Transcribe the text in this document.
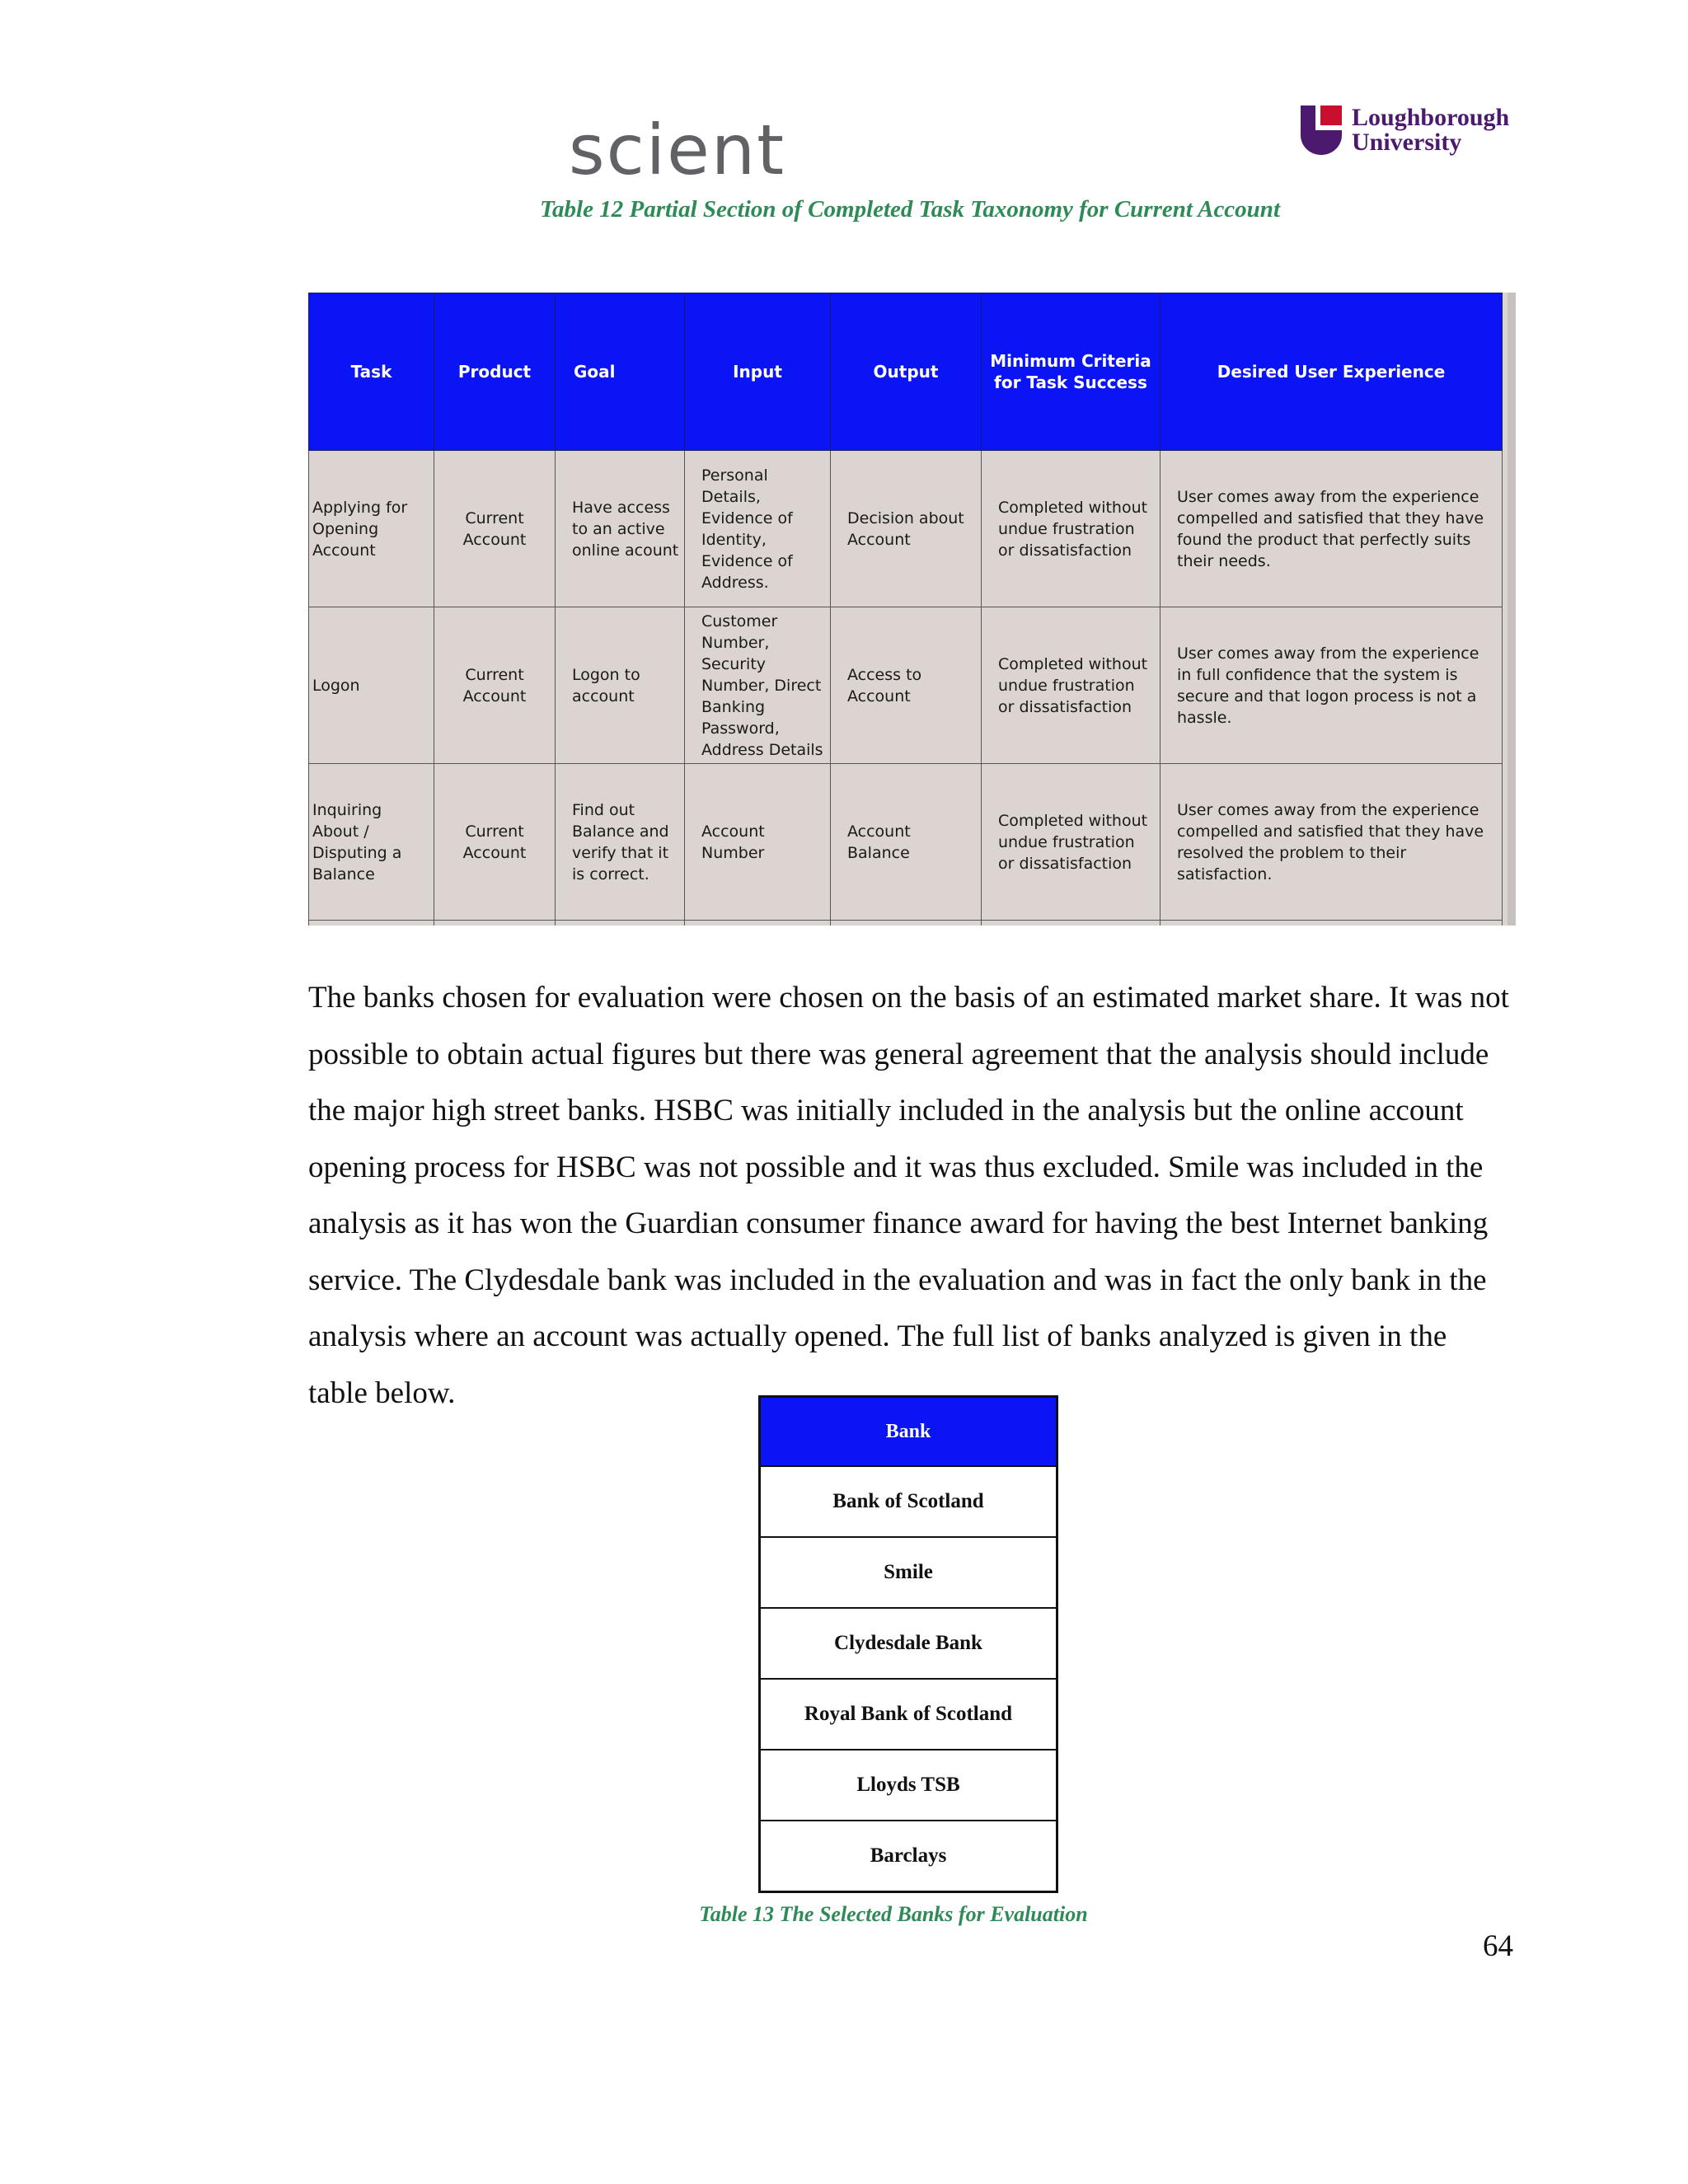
scient	Loughborough
University
Table 12 Partial Section of Completed Task Taxonomy for Current Account
Task	Product	Goal	Input	Output	Minimum Criteria for Task Success	Desired User Experience
Applying for Opening Account	Current Account	Have access to an active online acount	Personal Details, Evidence of Identity, Evidence of Address.	Decision about Account	Completed without undue frustration or dissatisfaction	User comes away from the experience compelled and satisfied that they have found the product that perfectly suits their needs.
Logon	Current Account	Logon to account	Customer Number, Security Number, Direct Banking Password, Address Details	Access to Account	Completed without undue frustration or dissatisfaction	User comes away from the experience in full confidence that the system is secure and that logon process is not a hassle.
Inquiring About / Disputing a Balance	Current Account	Find out Balance and verify that it is correct.	Account Number	Account Balance	Completed without undue frustration or dissatisfaction	User comes away from the experience compelled and satisfied that they have resolved the problem to their satisfaction.

The banks chosen for evaluation were chosen on the basis of an estimated market share. It was not possible to obtain actual figures but there was general agreement that the analysis should include the major high street banks. HSBC was initially included in the analysis but the online account opening process for HSBC was not possible and it was thus excluded. Smile was included in the analysis as it has won the Guardian consumer finance award for having the best Internet banking service. The Clydesdale bank was included in the evaluation and was in fact the only bank in the analysis where an account was actually opened. The full list of banks analyzed is given in the table below.

Bank
Bank of Scotland
Smile
Clydesdale Bank
Royal Bank of Scotland
Lloyds TSB
Barclays
Table 13 The Selected Banks for Evaluation
64
